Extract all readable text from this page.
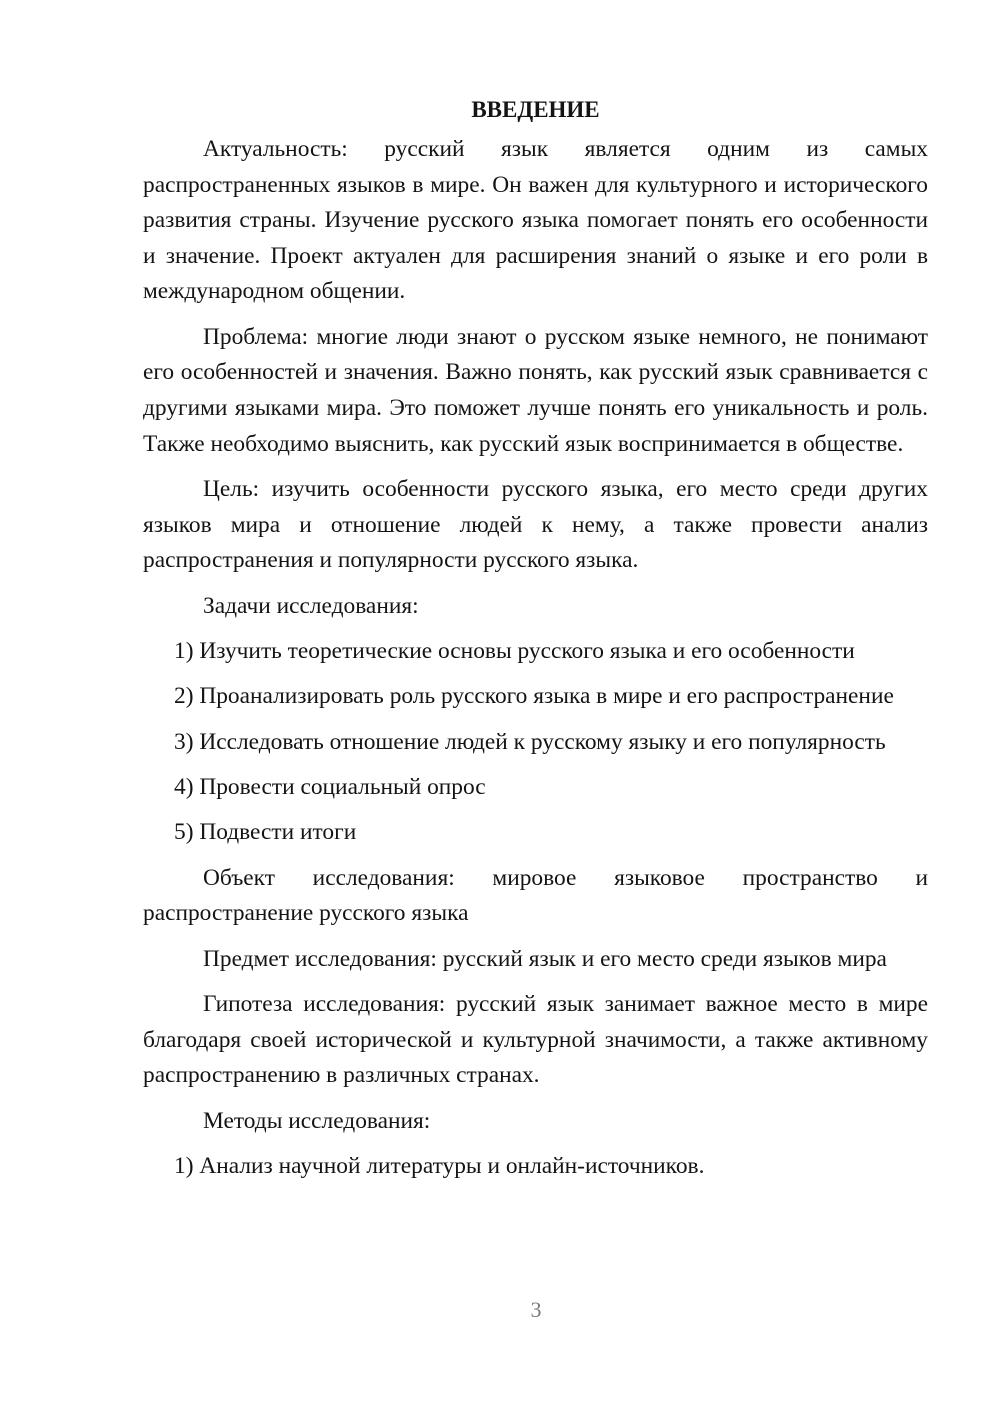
ВВЕДЕНИЕ

Актуальность: русский язык является одним из самых распространенных языков в мире. Он важен для культурного и исторического развития страны. Изучение русского языка помогает понять его особенности и значение. Проект актуален для расширения знаний о языке и его роли в международном общении.

Проблема: многие люди знают о русском языке немного, не понимают его особенностей и значения. Важно понять, как русский язык сравнивается с другими языками мира. Это поможет лучше понять его уникальность и роль. Также необходимо выяснить, как русский язык воспринимается в обществе.

Цель: изучить особенности русского языка, его место среди других языков мира и отношение людей к нему, а также провести анализ распространения и популярности русского языка.

Задачи исследования:

1) Изучить теоретические основы русского языка и его особенности

2) Проанализировать роль русского языка в мире и его распространение

3) Исследовать отношение людей к русскому языку и его популярность

4) Провести социальный опрос

5) Подвести итоги

Объект исследования: мировое языковое пространство и распространение русского языка

Предмет исследования: русский язык и его место среди языков мира

Гипотеза исследования: русский язык занимает важное место в мире благодаря своей исторической и культурной значимости, а также активному распространению в различных странах.

Методы исследования:

1) Анализ научной литературы и онлайн-источников.

3
